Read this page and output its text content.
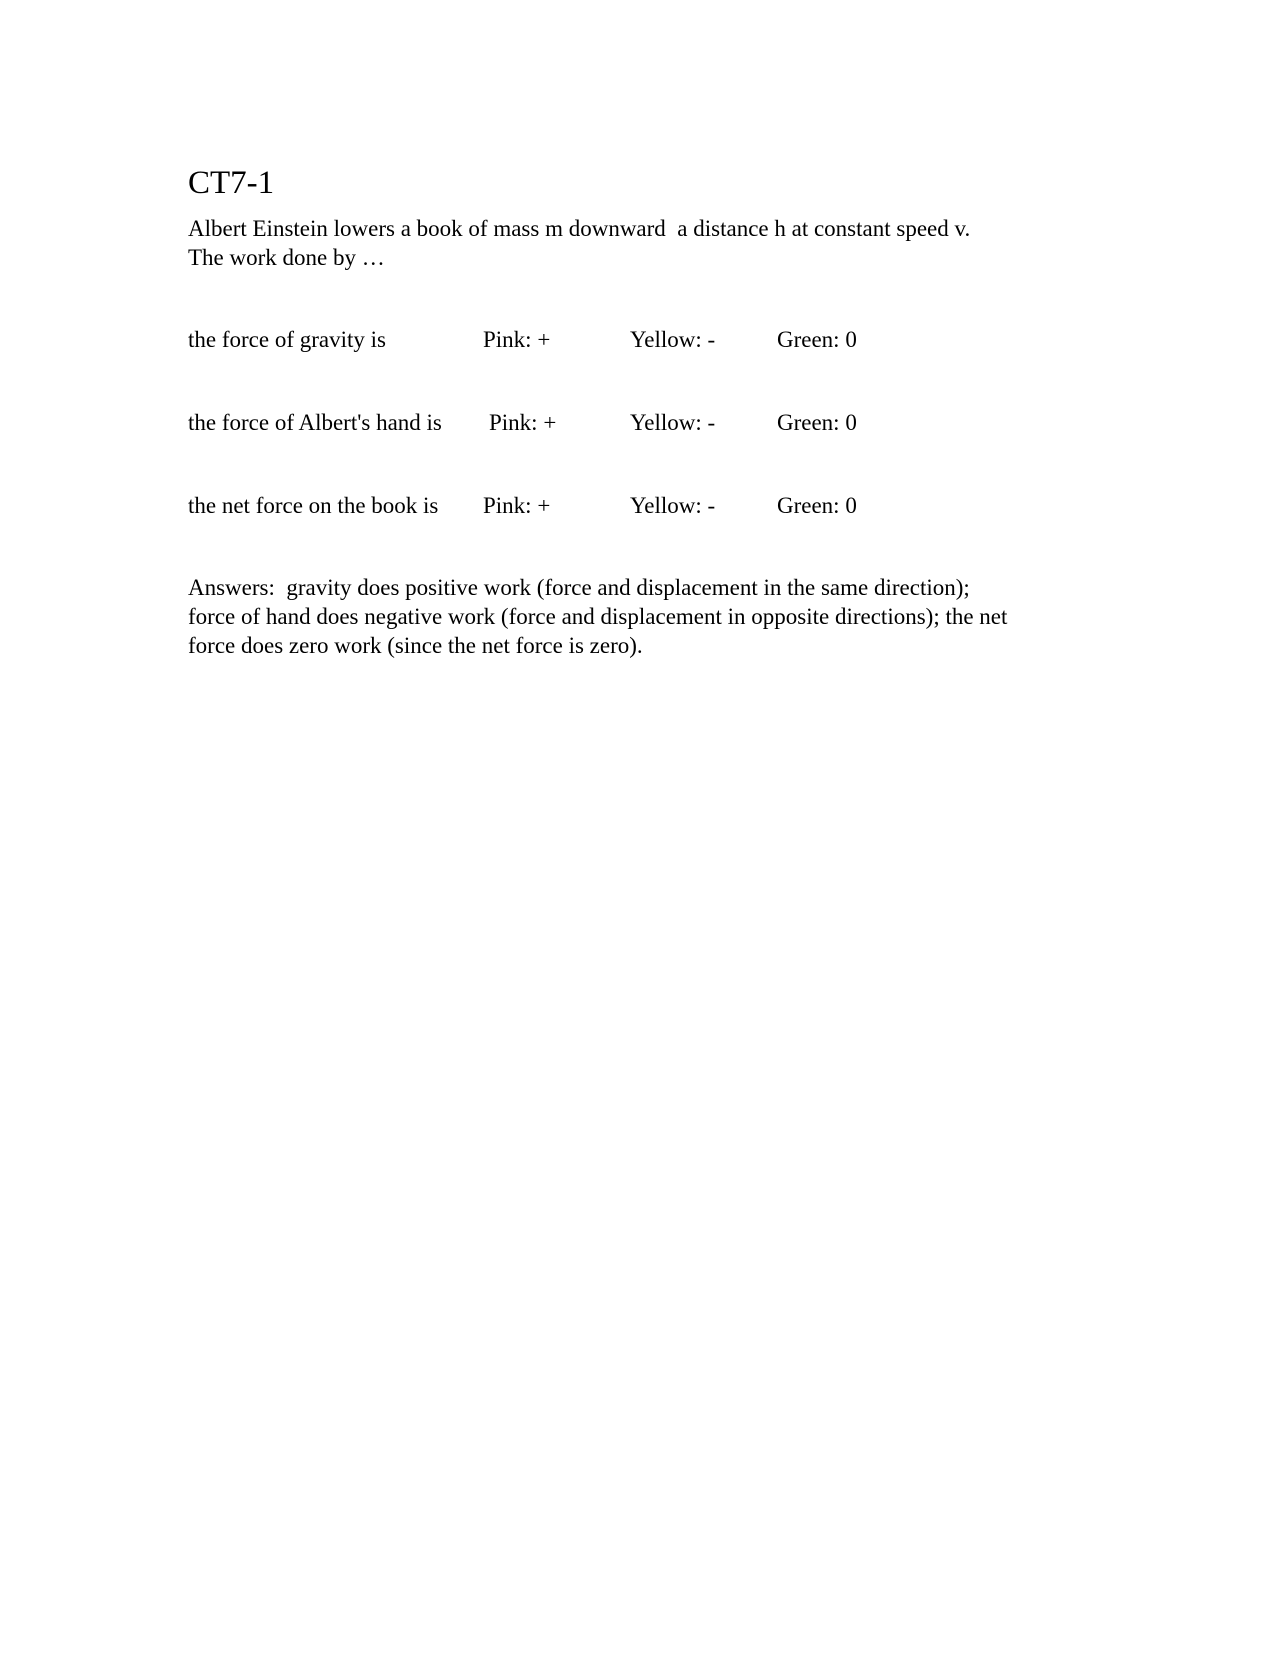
CT7-1

Albert Einstein lowers a book of mass m downward  a distance h at constant speed v.
The work done by …

the force of gravity is	Pink: +	Yellow: -	Green: 0
the force of Albert's hand is Pink: +	Yellow: -	Green: 0
the net force on the book is Pink: +	Yellow: -	Green: 0

Answers:  gravity does positive work (force and displacement in the same direction);
force of hand does negative work (force and displacement in opposite directions); the net
force does zero work (since the net force is zero).
